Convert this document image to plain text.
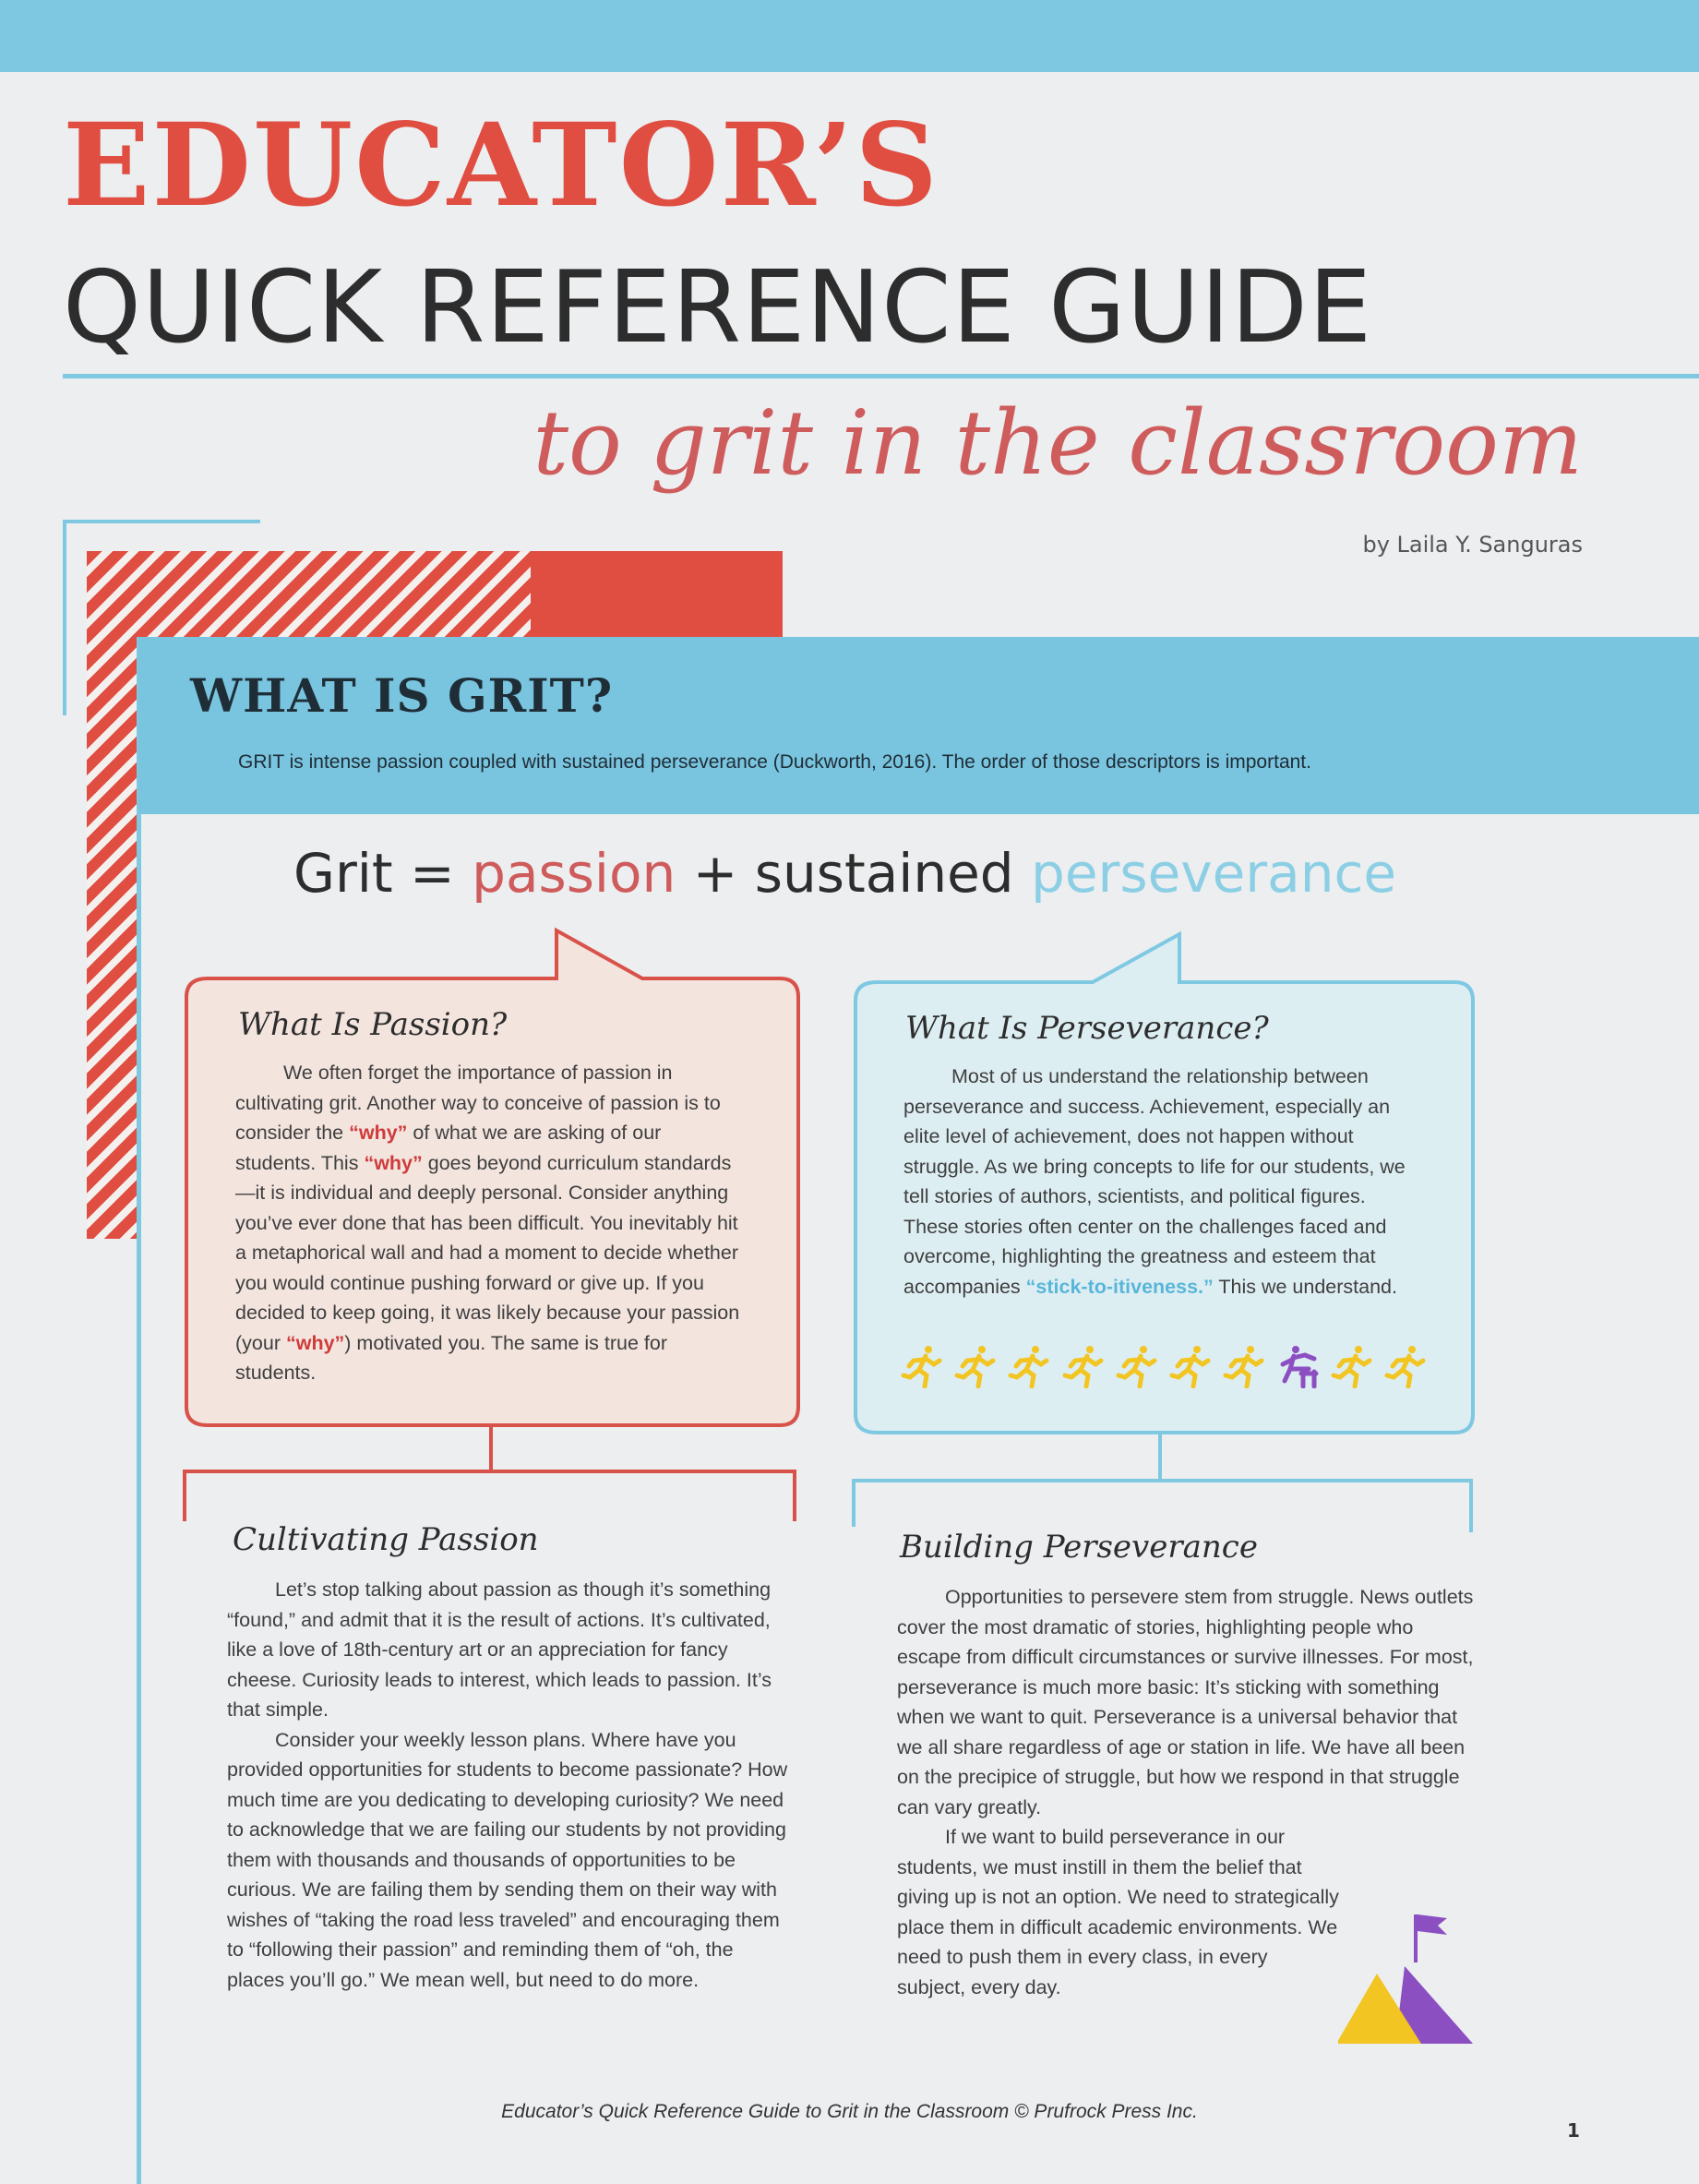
EDUCATOR’S
QUICK REFERENCE GUIDE
to grit in the classroom
by Laila Y. Sanguras
WHAT IS GRIT?
GRIT is intense passion coupled with sustained perseverance (Duckworth, 2016). The order of those descriptors is important.
Grit = passion + sustained perseverance
What Is Passion?

We often forget the importance of passion in cultivating grit. Another way to conceive of passion is to consider the “why” of what we are asking of our students. This “why” goes beyond curriculum standards—it is individual and deeply personal. Consider anything you’ve ever done that has been difficult. You inevitably hit a metaphorical wall and had a moment to decide whether you would continue pushing forward or give up. If you decided to keep going, it was likely because your passion (your “why”) motivated you. The same is true for students.

What Is Perseverance?

Most of us understand the relationship between perseverance and success. Achievement, especially an elite level of achievement, does not happen without struggle. As we bring concepts to life for our students, we tell stories of authors, scientists, and political figures. These stories often center on the challenges faced and overcome, highlighting the greatness and esteem that accompanies “stick-to-itiveness.” This we understand.

Cultivating Passion

Let’s stop talking about passion as though it’s something “found,” and admit that it is the result of actions. It’s cultivated, like a love of 18th-century art or an appreciation for fancy cheese. Curiosity leads to interest, which leads to passion. It’s that simple.

Consider your weekly lesson plans. Where have you provided opportunities for students to become passionate? How much time are you dedicating to developing curiosity? We need to acknowledge that we are failing our students by not providing them with thousands and thousands of opportunities to be curious. We are failing them by sending them on their way with wishes of “taking the road less traveled” and encouraging them to “following their passion” and reminding them of “oh, the places you’ll go.” We mean well, but need to do more.

Building Perseverance

Opportunities to persevere stem from struggle. News outlets cover the most dramatic of stories, highlighting people who escape from difficult circumstances or survive illnesses. For most, perseverance is much more basic: It’s sticking with something when we want to quit. Perseverance is a universal behavior that we all share regardless of age or station in life. We have all been on the precipice of struggle, but how we respond in that struggle can vary greatly.

If we want to build perseverance in our students, we must instill in them the belief that giving up is not an option. We need to strategically place them in difficult academic environments. We need to push them in every class, in every subject, every day.

Educator’s Quick Reference Guide to Grit in the Classroom © Prufrock Press Inc.
1
